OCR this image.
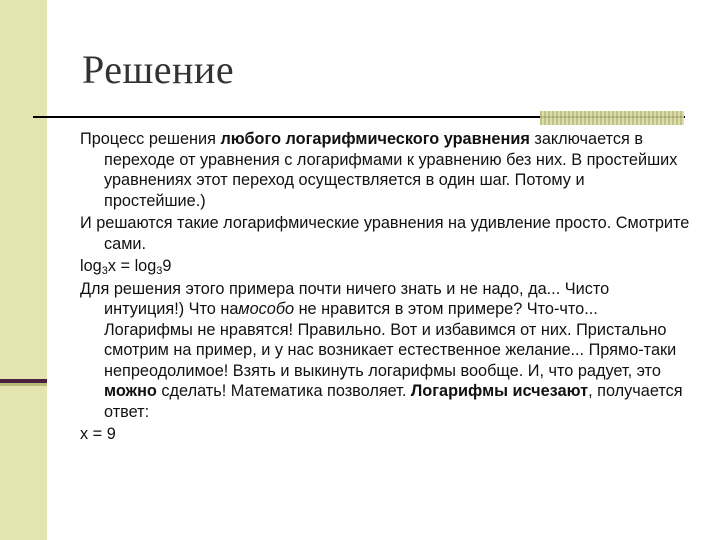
Решение

Процесс решения любого логарифмического уравнения заключается в переходе от уравнения с логарифмами к уравнению без них. В простейших уравнениях этот переход осуществляется в один шаг. Потому и простейшие.)

И решаются такие логарифмические уравнения на удивление просто. Смотрите сами.

$\log_3x = \log_39$

Для решения этого примера почти ничего знать и не надо, да... Чисто интуиция!) Что намособо не нравится в этом примере? Что-что... Логарифмы не нравятся! Правильно. Вот и избавимся от них. Пристально смотрим на пример, и у нас возникает естественное желание... Прямо-таки непреодолимое! Взять и выкинуть логарифмы вообще. И, что радует, это можно сделать! Математика позволяет. Логарифмы исчезают, получается ответ:

x = 9
